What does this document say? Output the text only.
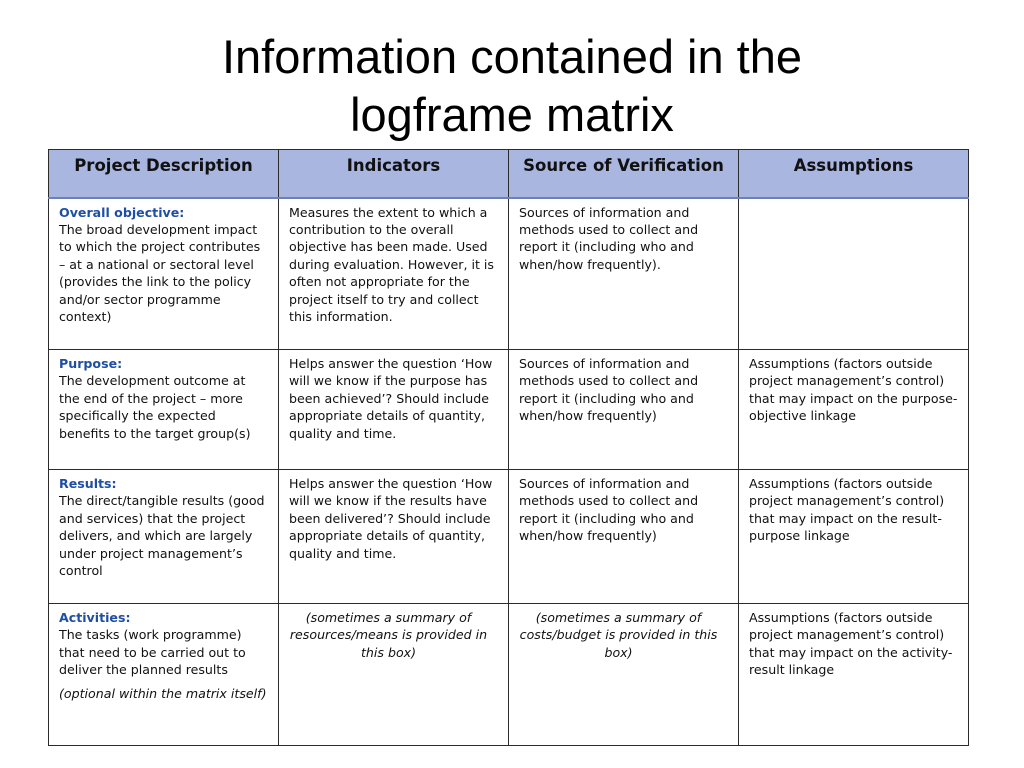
Information contained in the
logframe matrix
Project Description	Indicators	Source of Verification	Assumptions

Overall objective:
The broad development impact to which the project contributes – at a national or sectoral level (provides the link to the policy and/or sector programme context)	Measures the extent to which a contribution to the overall objective has been made. Used during evaluation. However, it is often not appropriate for the project itself to try and collect this information.	Sources of information and methods used to collect and report it (including who and when/how frequently).	

Purpose:
The development outcome at the end of the project – more specifically the expected benefits to the target group(s)	Helps answer the question ‘How will we know if the purpose has been achieved’? Should include appropriate details of quantity, quality and time.	Sources of information and methods used to collect and report it (including who and when/how frequently)	Assumptions (factors outside project management’s control) that may impact on the purpose-objective linkage

Results:
The direct/tangible results (good and services) that the project delivers, and which are largely under project management’s control	Helps answer the question ‘How will we know if the results have been delivered’? Should include appropriate details of quantity, quality and time.	Sources of information and methods used to collect and report it (including who and when/how frequently)	Assumptions (factors outside project management’s control) that may impact on the result-purpose linkage

Activities:
The tasks (work programme) that need to be carried out to deliver the planned results
(optional within the matrix itself)	(sometimes a summary of resources/means is provided in this box)	(sometimes a summary of costs/budget is provided in this box)	Assumptions (factors outside project management’s control) that may impact on the activity-result linkage
